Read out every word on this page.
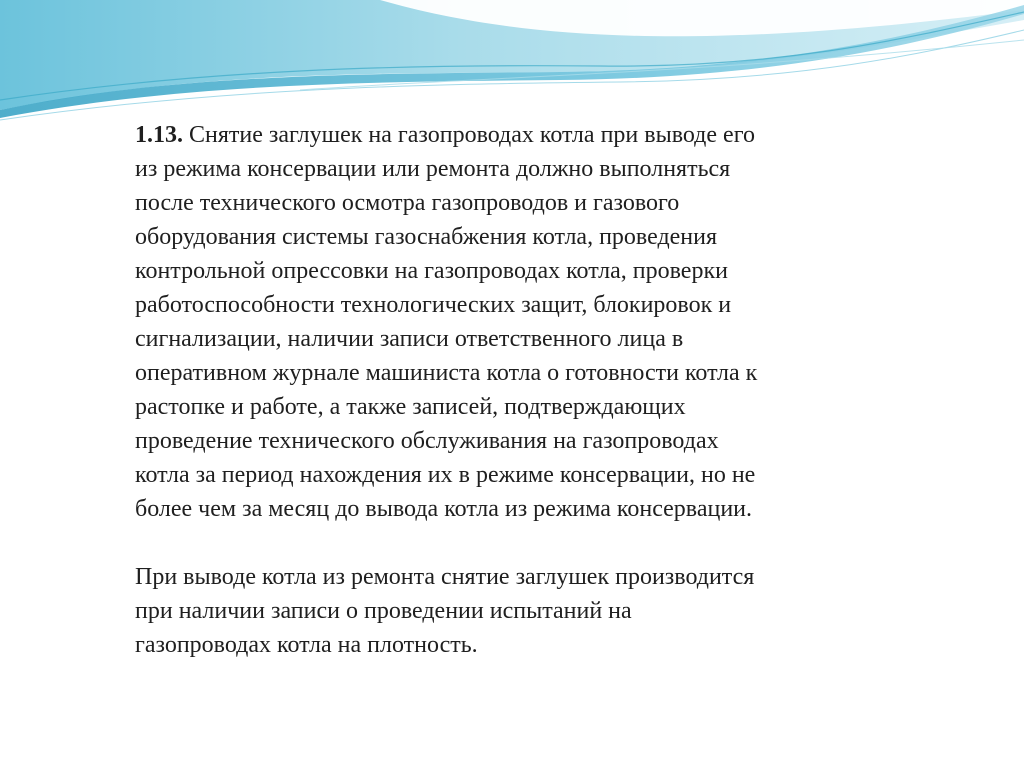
1.13. Снятие заглушек на газопроводах котла при выводе его
из режима консервации или ремонта должно выполняться
после технического осмотра газопроводов и газового
оборудования системы газоснабжения котла, проведения
контрольной опрессовки на газопроводах котла, проверки
работоспособности технологических защит, блокировок и
сигнализации, наличии записи ответственного лица в
оперативном журнале машиниста котла о готовности котла к
растопке и работе, а также записей, подтверждающих
проведение технического обслуживания на газопроводах
котла за период нахождения их в режиме консервации, но не
более чем за месяц до вывода котла из режима консервации.

При выводе котла из ремонта снятие заглушек производится
при наличии записи о проведении испытаний на
газопроводах котла на плотность.
